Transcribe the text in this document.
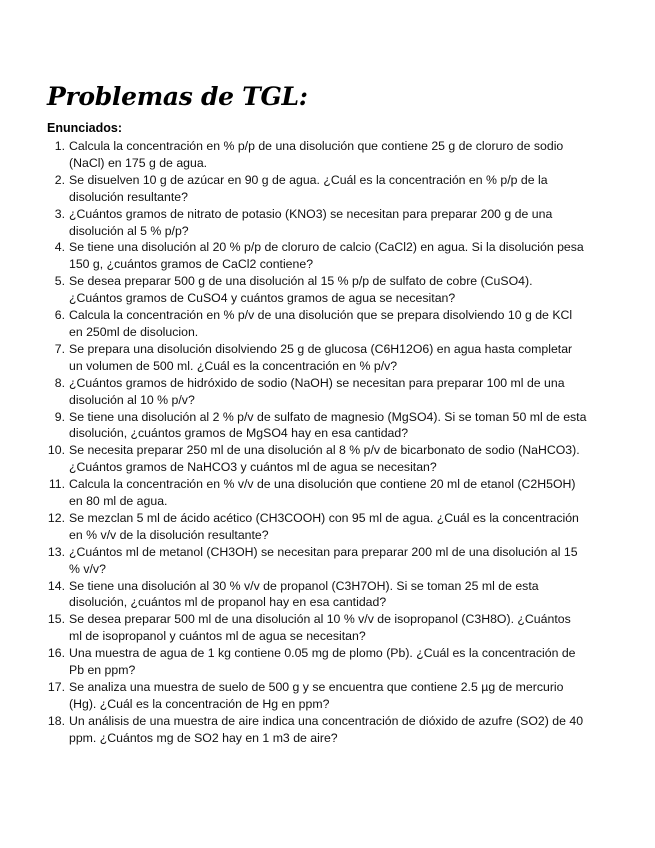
Problemas de TGL:

Enunciados:

1. Calcula la concentración en % p/p de una disolución que contiene 25 g de cloruro de sodio (NaCl) en 175 g de agua.
2. Se disuelven 10 g de azúcar en 90 g de agua. ¿Cuál es la concentración en % p/p de la disolución resultante?
3. ¿Cuántos gramos de nitrato de potasio (KNO3) se necesitan para preparar 200 g de una disolución al 5 % p/p?
4. Se tiene una disolución al 20 % p/p de cloruro de calcio (CaCl2) en agua. Si la disolución pesa 150 g, ¿cuántos gramos de CaCl2 contiene?
5. Se desea preparar 500 g de una disolución al 15 % p/p de sulfato de cobre (CuSO4). ¿Cuántos gramos de CuSO4 y cuántos gramos de agua se necesitan?
6. Calcula la concentración en % p/v de una disolución que se prepara disolviendo 10 g de KCl en 250ml de disolucion.
7. Se prepara una disolución disolviendo 25 g de glucosa (C6H12O6) en agua hasta completar un volumen de 500 ml. ¿Cuál es la concentración en % p/v?
8. ¿Cuántos gramos de hidróxido de sodio (NaOH) se necesitan para preparar 100 ml de una disolución al 10 % p/v?
9. Se tiene una disolución al 2 % p/v de sulfato de magnesio (MgSO4). Si se toman 50 ml de esta disolución, ¿cuántos gramos de MgSO4 hay en esa cantidad?
10. Se necesita preparar 250 ml de una disolución al 8 % p/v de bicarbonato de sodio (NaHCO3). ¿Cuántos gramos de NaHCO3 y cuántos ml de agua se necesitan?
11. Calcula la concentración en % v/v de una disolución que contiene 20 ml de etanol (C2H5OH) en 80 ml de agua.
12. Se mezclan 5 ml de ácido acético (CH3COOH) con 95 ml de agua. ¿Cuál es la concentración en % v/v de la disolución resultante?
13. ¿Cuántos ml de metanol (CH3OH) se necesitan para preparar 200 ml de una disolución al 15 % v/v?
14. Se tiene una disolución al 30 % v/v de propanol (C3H7OH). Si se toman 25 ml de esta disolución, ¿cuántos ml de propanol hay en esa cantidad?
15. Se desea preparar 500 ml de una disolución al 10 % v/v de isopropanol (C3H8O). ¿Cuántos ml de isopropanol y cuántos ml de agua se necesitan?
16. Una muestra de agua de 1 kg contiene 0.05 mg de plomo (Pb). ¿Cuál es la concentración de Pb en ppm?
17. Se analiza una muestra de suelo de 500 g y se encuentra que contiene 2.5 µg de mercurio (Hg). ¿Cuál es la concentración de Hg en ppm?
18. Un análisis de una muestra de aire indica una concentración de dióxido de azufre (SO2) de 40 ppm. ¿Cuántos mg de SO2 hay en 1 m3 de aire?
